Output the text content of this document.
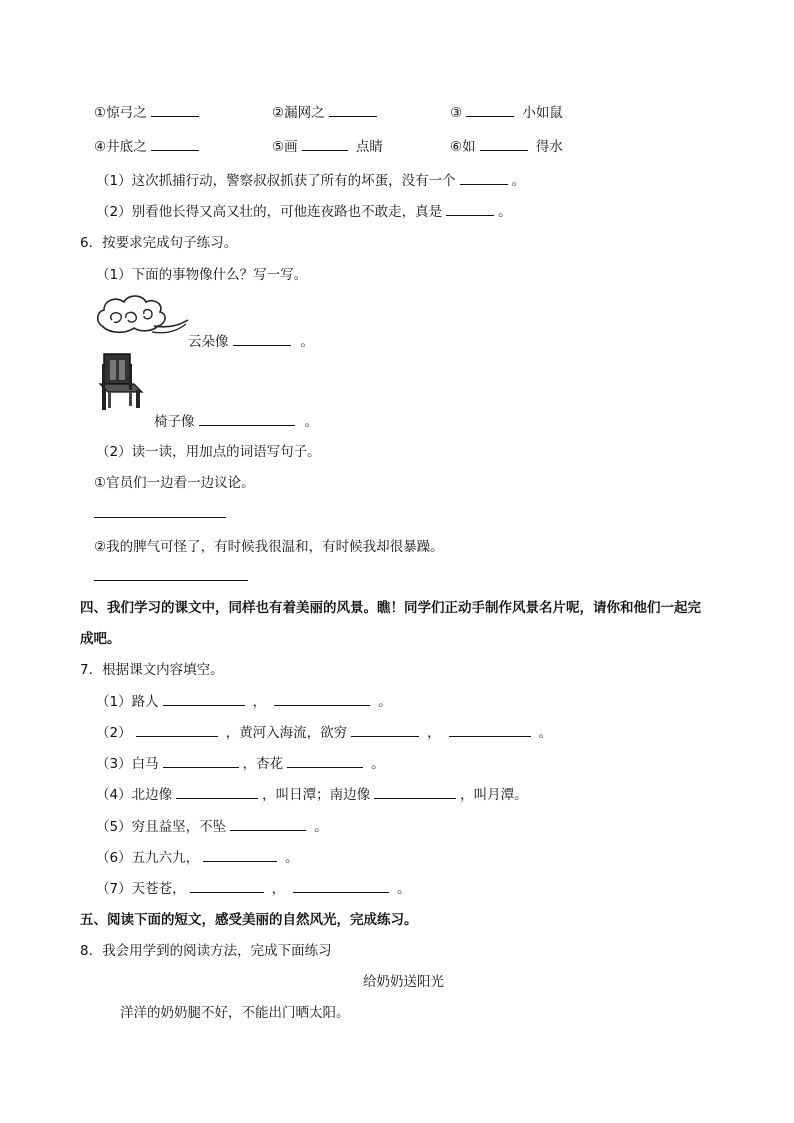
①惊弓之	②漏网之	③	小如鼠
④井底之	⑤画	点睛	⑥如	得水
（1）这次抓捕行动，警察叔叔抓获了所有的坏蛋，没有一个	。
（2）别看他长得又高又壮的，可他连夜路也不敢走，真是	。
6．按要求完成句子练习。
（1）下面的事物像什么？写一写。
云朵像	。
椅子像	。
（2）读一读，用加点的词语写句子。
①官员们一边看一边议论。
②我的脾气可怪了，有时候我很温和，有时候我却很暴躁。
四、我们学习的课文中，同样也有着美丽的风景。瞧！同学们正动手制作风景名片呢，请你和他们一起完
成吧。
7．根据课文内容填空。
（1）路人	，	。
（2）	，黄河入海流，欲穷	，	。
（3）白马	，杏花	。
（4）北边像	，叫日潭；南边像	，叫月潭。
（5）穷且益坚，不坠	。
（6）五九六九，	。
（7）天苍苍，	，	。
五、阅读下面的短文，感受美丽的自然风光，完成练习。
8．我会用学到的阅读方法，完成下面练习
给奶奶送阳光
洋洋的奶奶腿不好，不能出门晒太阳。
